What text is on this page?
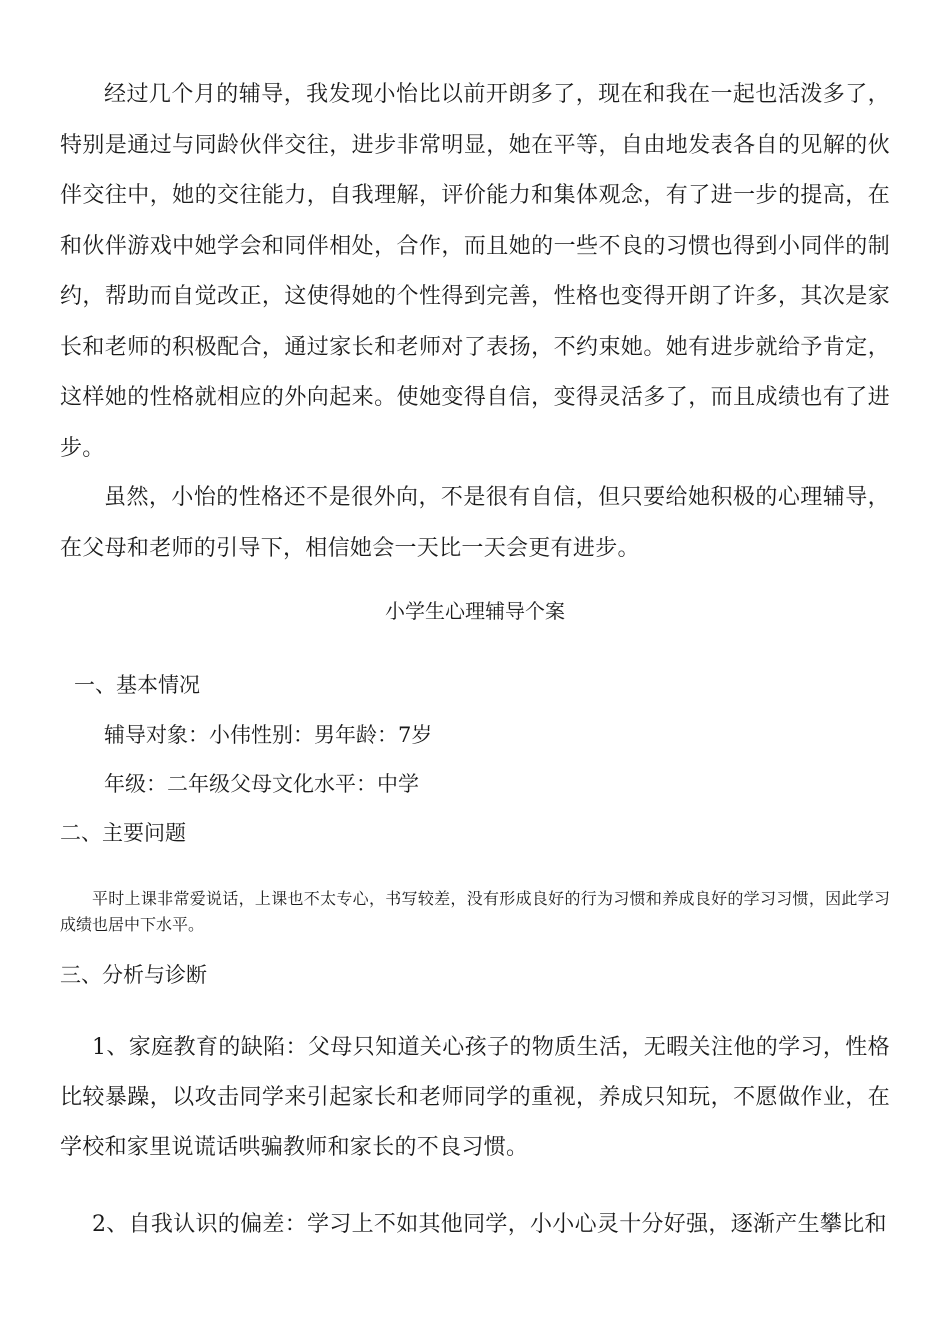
经过几个月的辅导，我发现小怡比以前开朗多了，现在和我在一起也活泼多了，特别是通过与同龄伙伴交往，进步非常明显，她在平等，自由地发表各自的见解的伙伴交往中，她的交往能力，自我理解，评价能力和集体观念，有了进一步的提高，在和伙伴游戏中她学会和同伴相处，合作，而且她的一些不良的习惯也得到小同伴的制约，帮助而自觉改正，这使得她的个性得到完善，性格也变得开朗了许多，其次是家长和老师的积极配合，通过家长和老师对了表扬，不约束她。她有进步就给予肯定，这样她的性格就相应的外向起来。使她变得自信，变得灵活多了，而且成绩也有了进步。

虽然，小怡的性格还不是很外向，不是很有自信，但只要给她积极的心理辅导，在父母和老师的引导下，相信她会一天比一天会更有进步。

小学生心理辅导个案

一、基本情况

辅导对象：小伟性别：男年龄：7岁

年级：二年级父母文化水平：中学

二、主要问题

平时上课非常爱说话，上课也不太专心，书写较差，没有形成良好的行为习惯和养成良好的学习习惯，因此学习成绩也居中下水平。

三、分析与诊断

1、家庭教育的缺陷：父母只知道关心孩子的物质生活，无暇关注他的学习，性格比较暴躁，以攻击同学来引起家长和老师同学的重视，养成只知玩，不愿做作业，在学校和家里说谎话哄骗教师和家长的不良习惯。

2、自我认识的偏差：学习上不如其他同学，小小心灵十分好强，逐渐产生攀比和
